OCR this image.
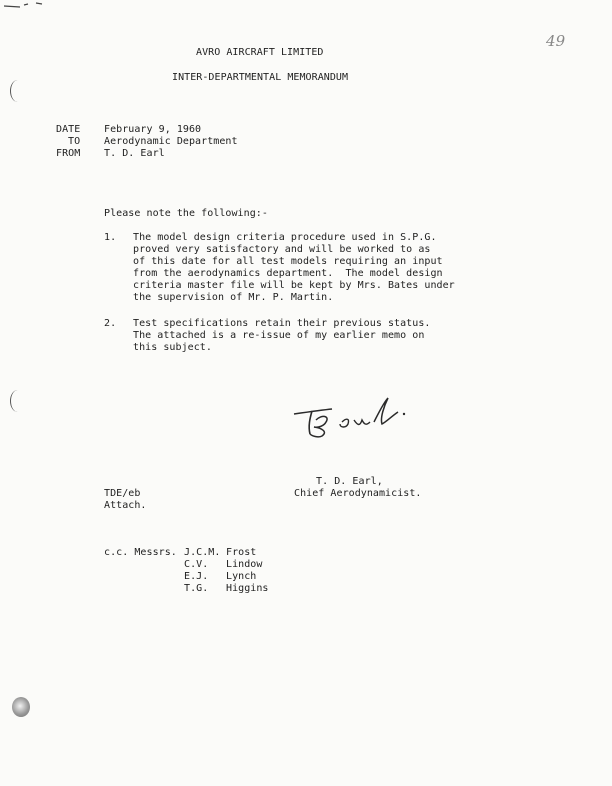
49
AVRO AIRCRAFT LIMITED
INTER-DEPARTMENTAL MEMORANDUM
DATE February 9, 1960
TO Aerodynamic Department
FROM T. D. Earl
Please note the following:-
1. The model design criteria procedure used in S.P.G.
proved very satisfactory and will be worked to as
of this date for all test models requiring an input
from the aerodynamics department.  The model design
criteria master file will be kept by Mrs. Bates under
the supervision of Mr. P. Martin.
2. Test specifications retain their previous status.
The attached is a re-issue of my earlier memo on
this subject.
T. D. Earl,
Chief Aerodynamicist.
TDE/eb
Attach.
c.c. Messrs. J.C.M. Frost
C.V. Lindow
E.J. Lynch
T.G. Higgins
